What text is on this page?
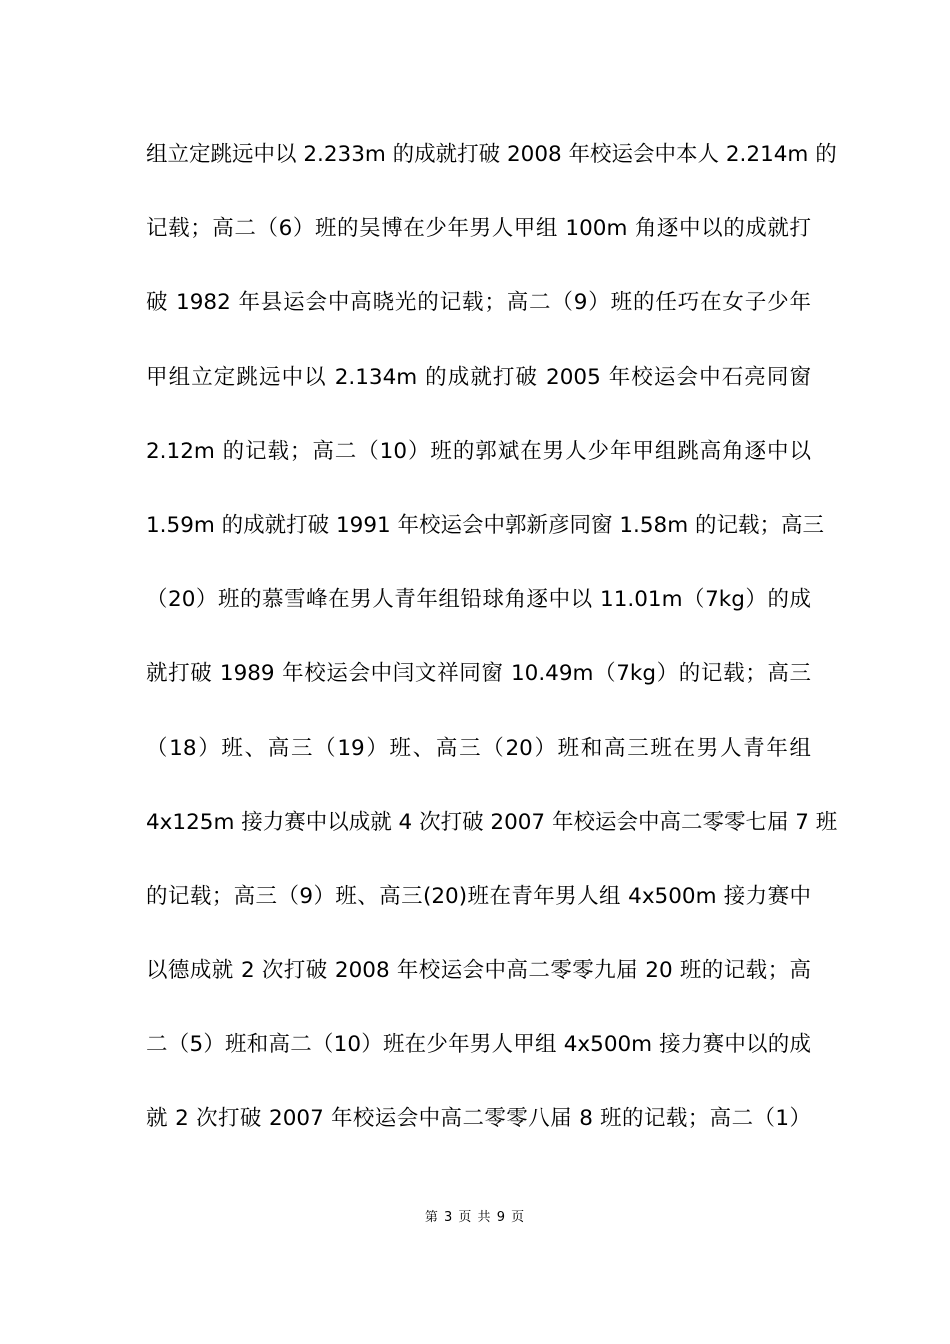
组立定跳远中以 2.233m 的成就打破 2008 年校运会中本人 2.214m 的
记载；高二（6）班的吴博在少年男人甲组 100m 角逐中以的成就打
破 1982 年县运会中高晓光的记载；高二（9）班的任巧在女子少年
甲组立定跳远中以 2.134m 的成就打破 2005 年校运会中石亮同窗
2.12m 的记载；高二（10）班的郭斌在男人少年甲组跳高角逐中以
1.59m 的成就打破 1991 年校运会中郭新彦同窗 1.58m 的记载；高三
（20）班的慕雪峰在男人青年组铅球角逐中以 11.01m（7kg）的成
就打破 1989 年校运会中闫文祥同窗 10.49m（7kg）的记载；高三
（18）班、高三（19）班、高三（20）班和高三班在男人青年组
4x125m 接力赛中以成就 4 次打破 2007 年校运会中高二零零七届 7 班
的记载；高三（9）班、高三(20)班在青年男人组 4x500m 接力赛中
以德成就 2 次打破 2008 年校运会中高二零零九届 20 班的记载；高
二（5）班和高二（10）班在少年男人甲组 4x500m 接力赛中以的成
就 2 次打破 2007 年校运会中高二零零八届 8 班的记载；高二（1）
第 3 页 共 9 页
